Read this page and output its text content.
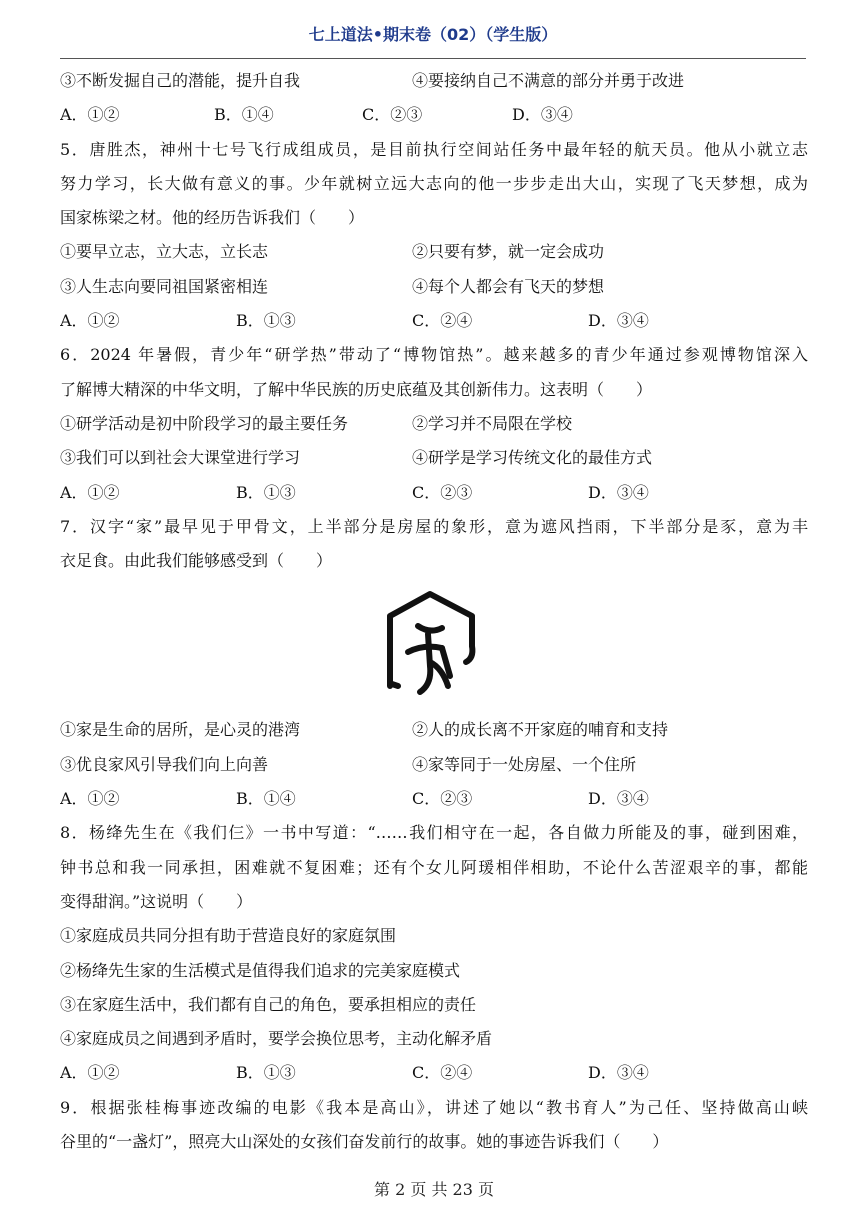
七上道法•期末卷（02）（学生版）
③不断发掘自己的潜能，提升自我	④要接纳自己不满意的部分并勇于改进
A．①②	B．①④	C．②③	D．③④
5．唐胜杰，神州十七号飞行成组成员，是目前执行空间站任务中最年轻的航天员。他从小就立志
努力学习，长大做有意义的事。少年就树立远大志向的他一步步走出大山，实现了飞天梦想，成为
国家栋梁之材。他的经历告诉我们（　　）
①要早立志，立大志，立长志	②只要有梦，就一定会成功
③人生志向要同祖国紧密相连	④每个人都会有飞天的梦想
A．①②	B．①③	C．②④	D．③④
6．2024 年暑假，青少年“研学热”带动了“博物馆热”。越来越多的青少年通过参观博物馆深入
了解博大精深的中华文明，了解中华民族的历史底蕴及其创新伟力。这表明（　　）
①研学活动是初中阶段学习的最主要任务	②学习并不局限在学校
③我们可以到社会大课堂进行学习	④研学是学习传统文化的最佳方式
A．①②	B．①③	C．②③	D．③④
7．汉字“家”最早见于甲骨文，上半部分是房屋的象形，意为遮风挡雨，下半部分是豕，意为丰
衣足食。由此我们能够感受到（　　）
①家是生命的居所，是心灵的港湾	②人的成长离不开家庭的哺育和支持
③优良家风引导我们向上向善	④家等同于一处房屋、一个住所
A．①②	B．①④	C．②③	D．③④
8．杨绛先生在《我们仨》一书中写道：“……我们相守在一起，各自做力所能及的事，碰到困难，
钟书总和我一同承担，困难就不复困难；还有个女儿阿瑗相伴相助，不论什么苦涩艰辛的事，都能
变得甜润。”这说明（　　）
①家庭成员共同分担有助于营造良好的家庭氛围
②杨绛先生家的生活模式是值得我们追求的完美家庭模式
③在家庭生活中，我们都有自己的角色，要承担相应的责任
④家庭成员之间遇到矛盾时，要学会换位思考，主动化解矛盾
A．①②	B．①③	C．②④	D．③④
9．根据张桂梅事迹改编的电影《我本是高山》，讲述了她以“教书育人”为己任、坚持做高山峡
谷里的“一盏灯”，照亮大山深处的女孩们奋发前行的故事。她的事迹告诉我们（　　）
第 2 页 共 23 页
